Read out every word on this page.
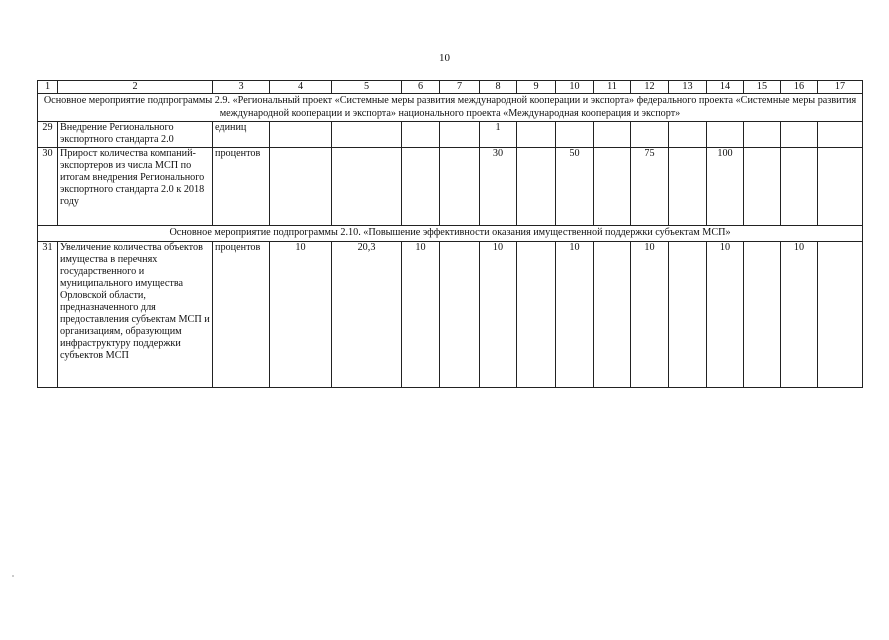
10
1	2	3	4	5	6	7	8	9	10	11	12	13	14	15	16	17
Основное мероприятие подпрограммы 2.9. «Региональный проект «Системные меры развития международной кооперации и экспорта» федерального проекта «Системные меры развития международной кооперации и экспорта» национального проекта «Международная кооперация и экспорт»																
29	Внедрение Регионального экспортного стандарта 2.0	единиц					1									
30	Прирост количества компаний-экспортеров из числа МСП по итогам внедрения Регионального экспортного стандарта 2.0 к 2018 году	процентов					30		50		75		100			
Основное мероприятие подпрограммы 2.10. «Повышение эффективности оказания имущественной поддержки субъектам МСП»																
31	Увеличение количества объектов имущества в перечнях государственного и муниципального имущества Орловской области, предназначенного для предоставления субъектам МСП и организациям, образующим инфраструктуру поддержки субъектов МСП	процентов	10	20,3	10		10		10		10		10		10	
